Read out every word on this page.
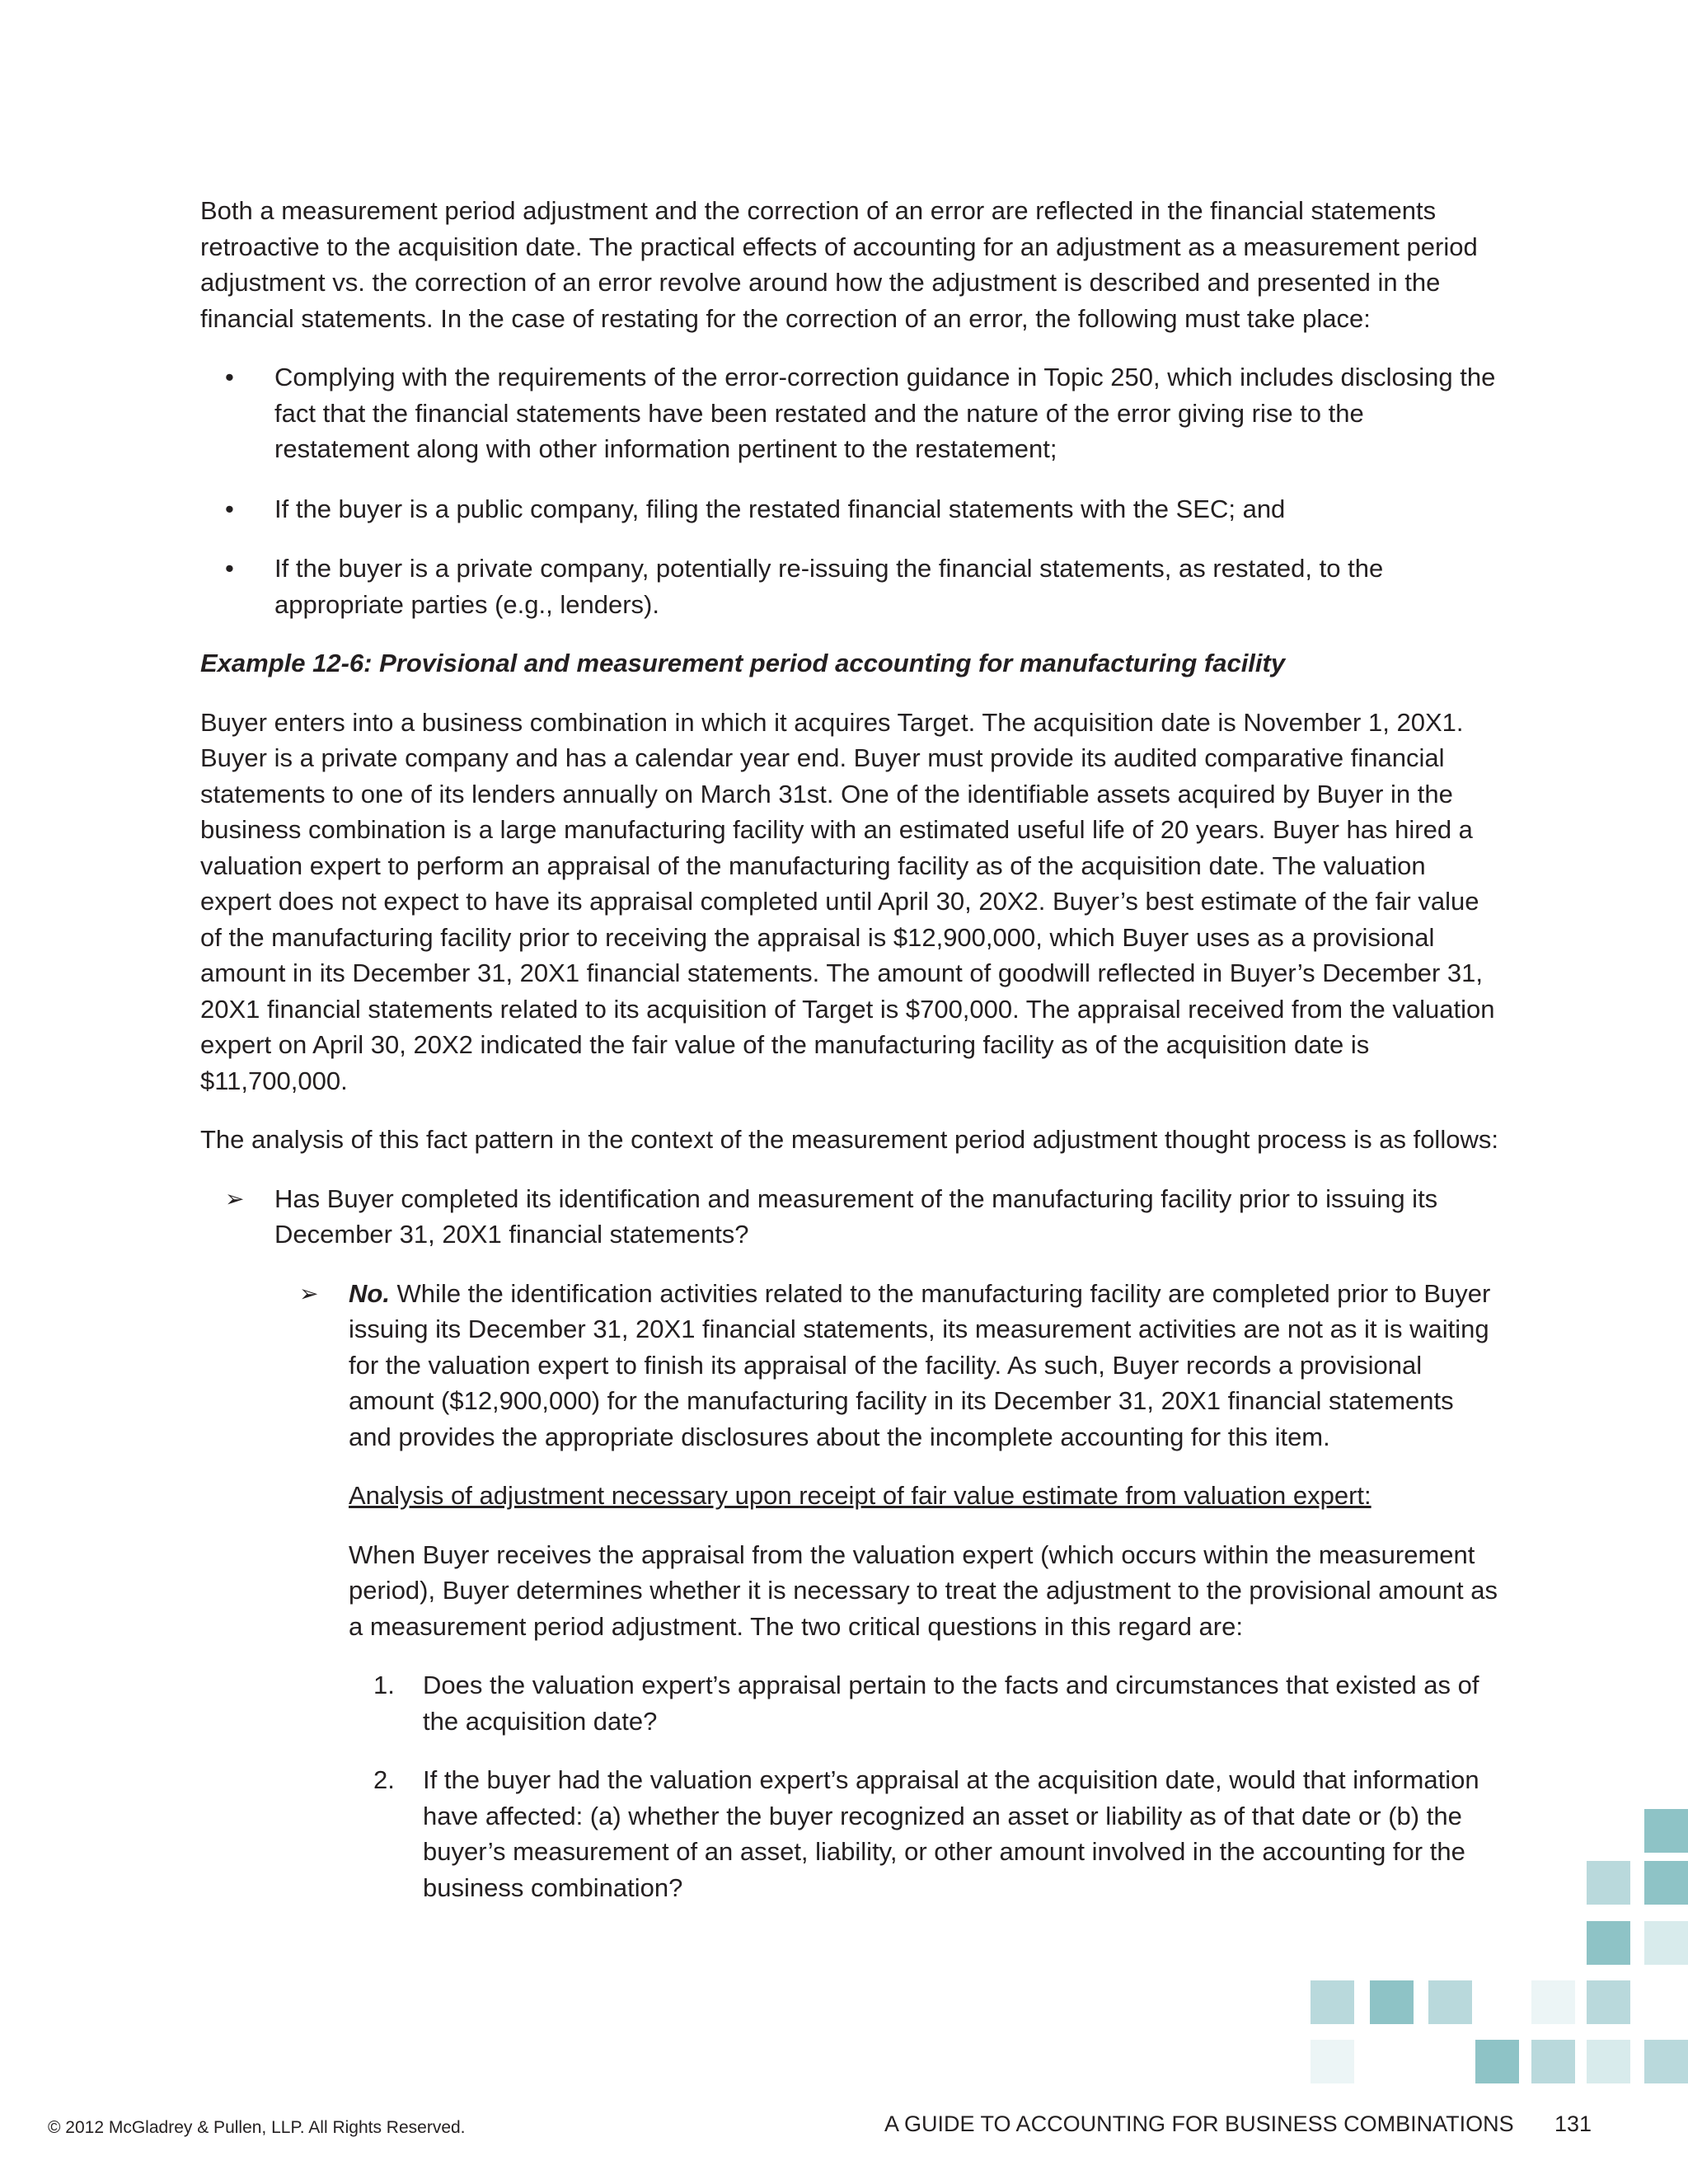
Both a measurement period adjustment and the correction of an error are reflected in the financial statements retroactive to the acquisition date. The practical effects of accounting for an adjustment as a measurement period adjustment vs. the correction of an error revolve around how the adjustment is described and presented in the financial statements. In the case of restating for the correction of an error, the following must take place:

• Complying with the requirements of the error-correction guidance in Topic 250, which includes disclosing the fact that the financial statements have been restated and the nature of the error giving rise to the restatement along with other information pertinent to the restatement;
• If the buyer is a public company, filing the restated financial statements with the SEC; and
• If the buyer is a private company, potentially re-issuing the financial statements, as restated, to the appropriate parties (e.g., lenders).

Example 12-6: Provisional and measurement period accounting for manufacturing facility

Buyer enters into a business combination in which it acquires Target. The acquisition date is November 1, 20X1. Buyer is a private company and has a calendar year end. Buyer must provide its audited comparative financial statements to one of its lenders annually on March 31st. One of the identifiable assets acquired by Buyer in the business combination is a large manufacturing facility with an estimated useful life of 20 years. Buyer has hired a valuation expert to perform an appraisal of the manufacturing facility as of the acquisition date. The valuation expert does not expect to have its appraisal completed until April 30, 20X2. Buyer’s best estimate of the fair value of the manufacturing facility prior to receiving the appraisal is $12,900,000, which Buyer uses as a provisional amount in its December 31, 20X1 financial statements. The amount of goodwill reflected in Buyer’s December 31, 20X1 financial statements related to its acquisition of Target is $700,000. The appraisal received from the valuation expert on April 30, 20X2 indicated the fair value of the manufacturing facility as of the acquisition date is $11,700,000.

The analysis of this fact pattern in the context of the measurement period adjustment thought process is as follows:

➢ Has Buyer completed its identification and measurement of the manufacturing facility prior to issuing its December 31, 20X1 financial statements?
➢ No. While the identification activities related to the manufacturing facility are completed prior to Buyer issuing its December 31, 20X1 financial statements, its measurement activities are not as it is waiting for the valuation expert to finish its appraisal of the facility. As such, Buyer records a provisional amount ($12,900,000) for the manufacturing facility in its December 31, 20X1 financial statements and provides the appropriate disclosures about the incomplete accounting for this item.

Analysis of adjustment necessary upon receipt of fair value estimate from valuation expert:

When Buyer receives the appraisal from the valuation expert (which occurs within the measurement period), Buyer determines whether it is necessary to treat the adjustment to the provisional amount as a measurement period adjustment. The two critical questions in this regard are:

1. Does the valuation expert’s appraisal pertain to the facts and circumstances that existed as of the acquisition date?
2. If the buyer had the valuation expert’s appraisal at the acquisition date, would that information have affected: (a) whether the buyer recognized an asset or liability as of that date or (b) the buyer’s measurement of an asset, liability, or other amount involved in the accounting for the business combination?
© 2012 McGladrey & Pullen, LLP. All Rights Reserved.	A GUIDE TO ACCOUNTING FOR BUSINESS COMBINATIONS 131
